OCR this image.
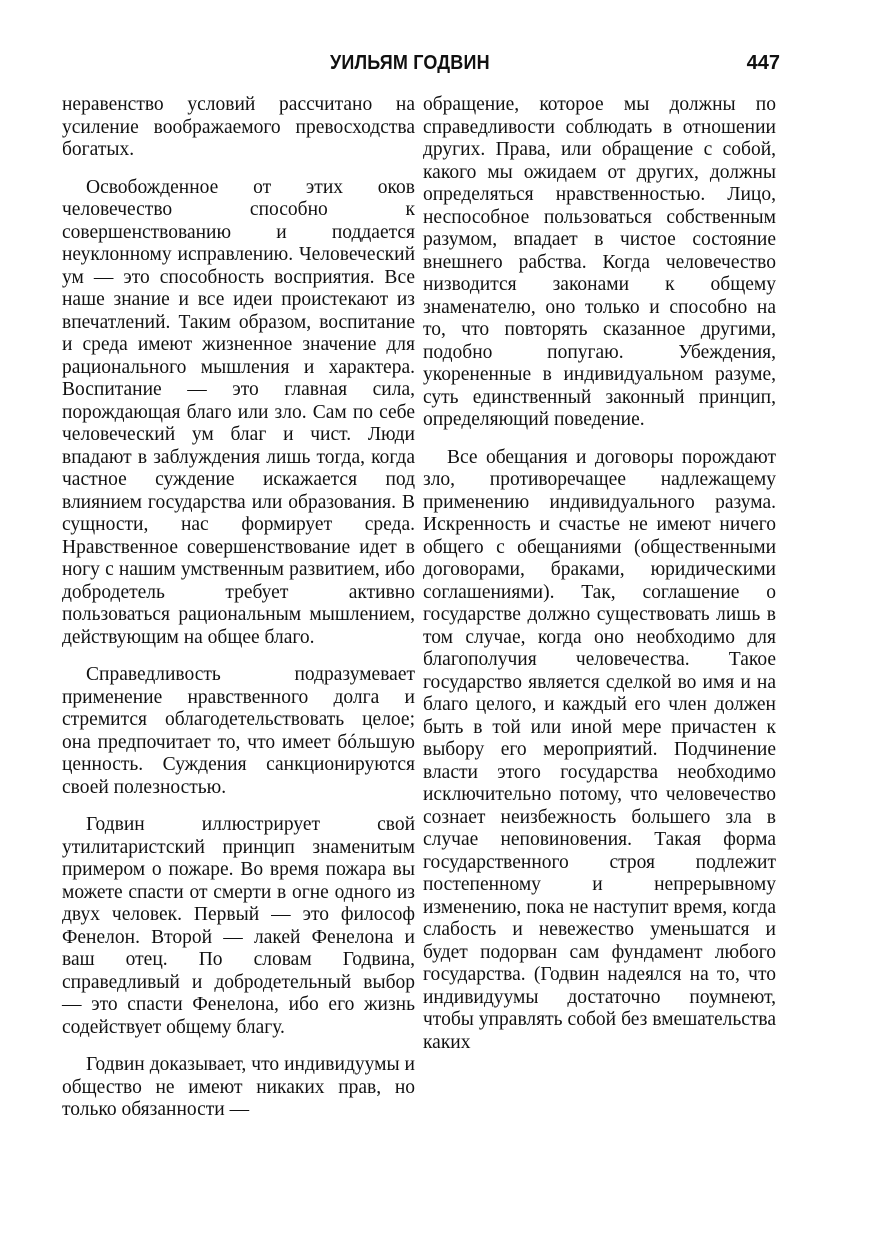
УИЛЬЯМ ГОДВИН	447

неравенство условий рассчитано на усиление воображаемого превосходства богатых.

Освобожденное от этих оков человечество способно к совершенствованию и поддается неуклонному исправлению. Человеческий ум — это способность восприятия. Все наше знание и все идеи проистекают из впечатлений. Таким образом, воспитание и среда имеют жизненное значение для рационального мышления и характера. Воспитание — это главная сила, порождающая благо или зло. Сам по себе человеческий ум благ и чист. Люди впадают в заблуждения лишь тогда, когда частное суждение искажается под влиянием государства или образования. В сущности, нас формирует среда. Нравственное совершенствование идет в ногу с нашим умственным развитием, ибо добродетель требует активно пользоваться рациональным мышлением, действующим на общее благо.

Справедливость подразумевает применение нравственного долга и стремится облагодетельствовать целое; она предпочитает то, что имеет бóльшую ценность. Суждения санкционируются своей полезностью.

Годвин иллюстрирует свой утилитаристский принцип знаменитым примером о пожаре. Во время пожара вы можете спасти от смерти в огне одного из двух человек. Первый — это философ Фенелон. Второй — лакей Фенелона и ваш отец. По словам Годвина, справедливый и добродетельный выбор — это спасти Фенелона, ибо его жизнь содействует общему благу.

Годвин доказывает, что индивидуумы и общество не имеют никаких прав, но только обязанности —

обращение, которое мы должны по справедливости соблюдать в отношении других. Права, или обращение с собой, какого мы ожидаем от других, должны определяться нравственностью. Лицо, неспособное пользоваться собственным разумом, впадает в чистое состояние внешнего рабства. Когда человечество низводится законами к общему знаменателю, оно только и способно на то, что повторять сказанное другими, подобно попугаю. Убеждения, укорененные в индивидуальном разуме, суть единственный законный принцип, определяющий поведение.

Все обещания и договоры порождают зло, противоречащее надлежащему применению индивидуального разума. Искренность и счастье не имеют ничего общего с обещаниями (общественными договорами, браками, юридическими соглашениями). Так, соглашение о государстве должно существовать лишь в том случае, когда оно необходимо для благополучия человечества. Такое государство является сделкой во имя и на благо целого, и каждый его член должен быть в той или иной мере причастен к выбору его мероприятий. Подчинение власти этого государства необходимо исключительно потому, что человечество сознает неизбежность большего зла в случае неповиновения. Такая форма государственного строя подлежит постепенному и непрерывному изменению, пока не наступит время, когда слабость и невежество уменьшатся и будет подорван сам фундамент любого государства. (Годвин надеялся на то, что индивидуумы достаточно поумнеют, чтобы управлять собой без вмешательства каких
